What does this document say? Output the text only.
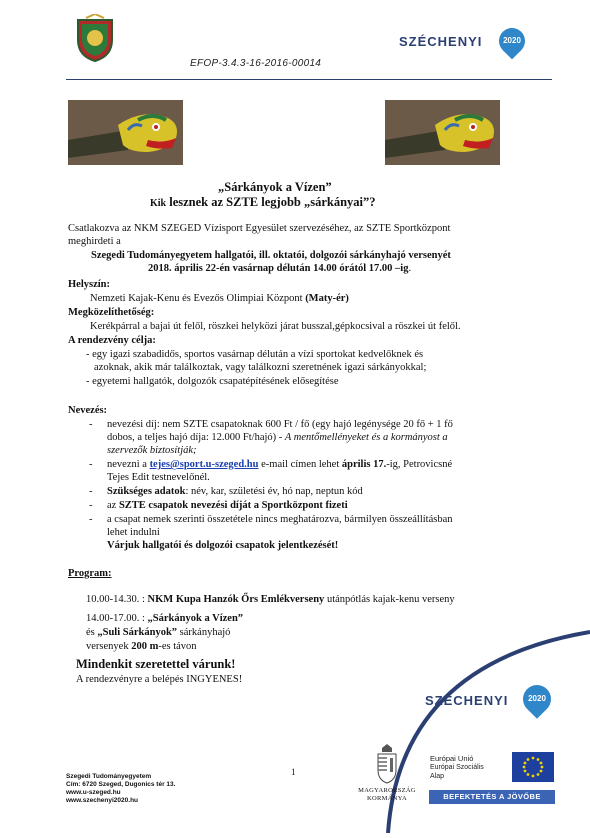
EFOP-3.4.3-16-2016-00014
SZÉCHENYI	2020
„Sárkányok a Vízen”
Kik lesznek az SZTE legjobb „sárkányai”?
Csatlakozva az NKM SZEGED Vízisport Egyesület szervezéséhez, az SZTE Sportközpont
meghirdeti a
Szegedi Tudományegyetem hallgatói, ill. oktatói, dolgozói sárkányhajó versenyét
2018. április 22-én vasárnap délután 14.00 órától 17.00 –ig.
Helyszín:
Nemzeti Kajak-Kenu és Evezős Olimpiai Központ (Maty-ér)
Megközelíthetőség:
Kerékpárral a bajai út felől, röszkei helyközi járat busszal,gépkocsival a röszkei út felől.
A rendezvény célja:
- egy igazi szabadidős, sportos vasárnap délután a vízi sportokat kedvelőknek és
azoknak, akik már találkoztak, vagy találkozni szeretnének igazi sárkányokkal;
- egyetemi hallgatók, dolgozók csapatépítésének elősegítése
Nevezés:
- nevezési díj: nem SZTE csapatoknak 600 Ft / fő (egy hajó legénysége 20 fő + 1 fő
dobos, a teljes hajó díja: 12.000 Ft/hajó) - A mentőmellényeket és a kormányost a
szervezők biztosítják;
- nevezni a tejes@sport.u-szeged.hu e-mail címen lehet április 17.-ig, Petrovicsné
Tejes Edit testnevelőnél.
- Szükséges adatok: név, kar, születési év, hó nap, neptun kód
- az SZTE csapatok nevezési díját a Sportközpont fizeti
- a csapat nemek szerinti összetétele nincs meghatározva, bármilyen összeállításban
lehet indulni
Várjuk hallgatói és dolgozói csapatok jelentkezését!
Program:
10.00-14.30. : NKM Kupa Hanzók Őrs Emlékverseny utánpótlás kajak-kenu verseny
14.00-17.00. : „Sárkányok a Vízen”
és „Suli Sárkányok” sárkányhajó
versenyek 200 m-es távon
Mindenkit szeretettel várunk!
A rendezvényre a belépés INGYENES!
SZÉCHENYI	2020
Szegedi Tudományegyetem
Cím: 6720 Szeged, Dugonics tér 13.
www.u-szeged.hu
www.szechenyi2020.hu
1
MAGYARORSZÁG
KORMÁNYA
Európai Unió
Európai Szociális
Alap
BEFEKTETÉS A JÖVŐBE
